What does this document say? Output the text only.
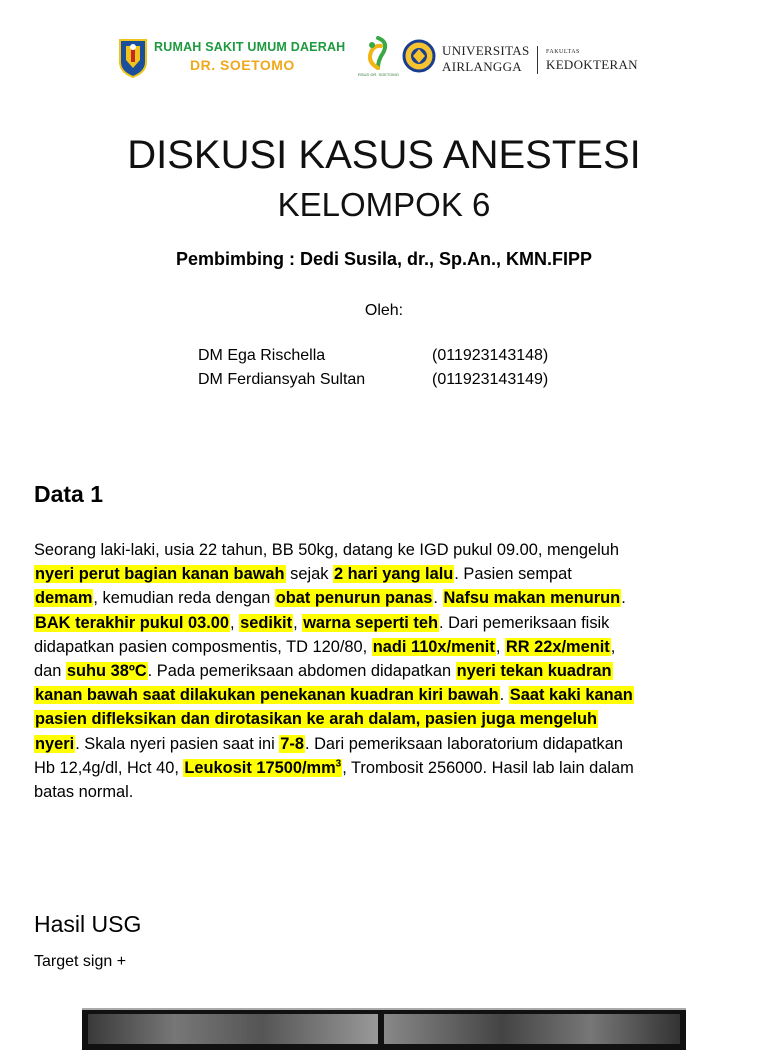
RUMAH SAKIT UMUM DAERAH
DR. SOETOMO
RSUD DR. SOETOMO
UNIVERSITAS
AIRLANGGA
FAKULTAS
KEDOKTERAN
DISKUSI KASUS ANESTESI
KELOMPOK 6
Pembimbing : Dedi Susila, dr., Sp.An., KMN.FIPP
Oleh:
DM Ega Rischella	(011923143148)
DM Ferdiansyah Sultan	(011923143149)
Data 1
Seorang laki-laki, usia 22 tahun, BB 50kg, datang ke IGD pukul 09.00, mengeluh
nyeri perut bagian kanan bawah sejak 2 hari yang lalu. Pasien sempat
demam, kemudian reda dengan obat penurun panas. Nafsu makan menurun.
BAK terakhir pukul 03.00, sedikit, warna seperti teh. Dari pemeriksaan fisik
didapatkan pasien composmentis, TD 120/80, nadi 110x/menit, RR 22x/menit,
dan suhu 38ºC. Pada pemeriksaan abdomen didapatkan nyeri tekan kuadran
kanan bawah saat dilakukan penekanan kuadran kiri bawah. Saat kaki kanan
pasien difleksikan dan dirotasikan ke arah dalam, pasien juga mengeluh
nyeri. Skala nyeri pasien saat ini 7-8. Dari pemeriksaan laboratorium didapatkan
Hb 12,4g/dl, Hct 40, Leukosit $17500/mm^3$, Trombosit 256000. Hasil lab lain dalam
batas normal.
Hasil USG
Target sign +
